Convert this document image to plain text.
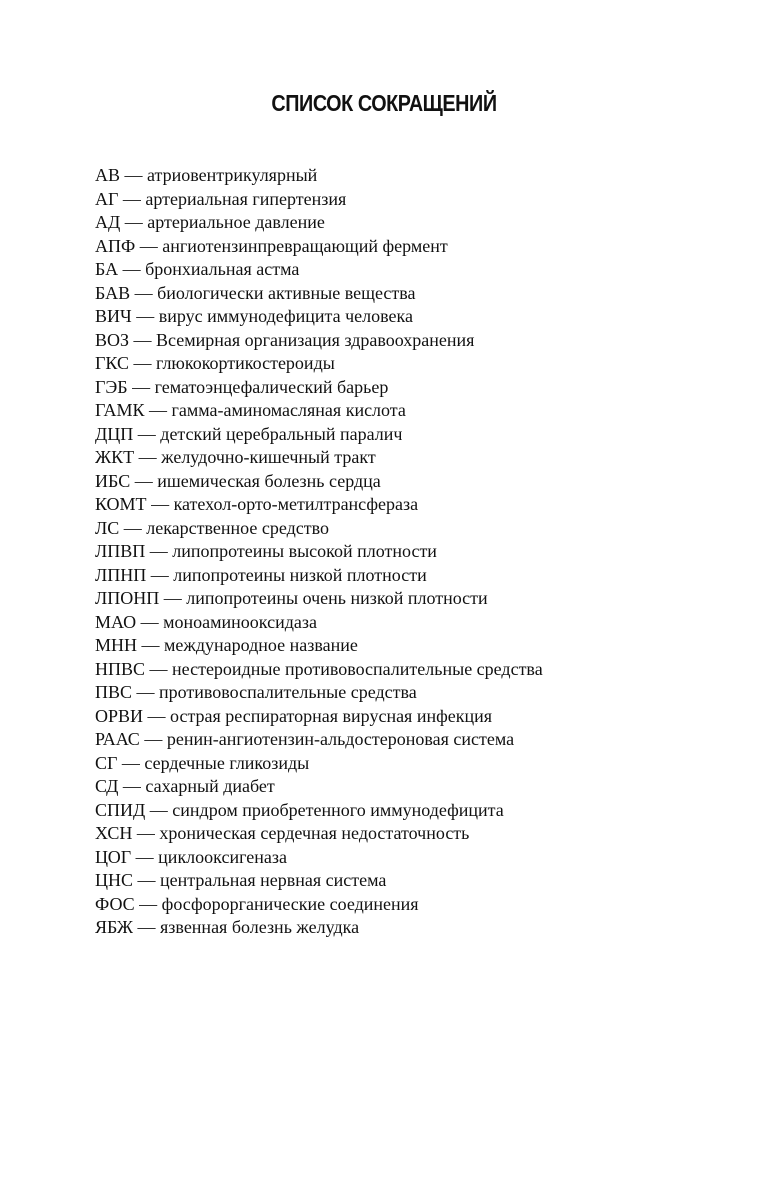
СПИСОК СОКРАЩЕНИЙ
АВ — атриовентрикулярный
АГ — артериальная гипертензия
АД — артериальное давление
АПФ — ангиотензинпревращающий фермент
БА — бронхиальная астма
БАВ — биологически активные вещества
ВИЧ — вирус иммунодефицита человека
ВОЗ — Всемирная организация здравоохранения
ГКС — глюкокортикостероиды
ГЭБ — гематоэнцефалический барьер
ГАМК — гамма-аминомасляная кислота
ДЦП — детский церебральный паралич
ЖКТ — желудочно-кишечный тракт
ИБС — ишемическая болезнь сердца
КОМТ — катехол-орто-метилтрансфераза
ЛС — лекарственное средство
ЛПВП — липопротеины высокой плотности
ЛПНП — липопротеины низкой плотности
ЛПОНП — липопротеины очень низкой плотности
МАО — моноаминооксидаза
МНН — международное название
НПВС — нестероидные противовоспалительные средства
ПВС — противовоспалительные средства
ОРВИ — острая респираторная вирусная инфекция
РААС — ренин-ангиотензин-альдостероновая система
СГ — сердечные гликозиды
СД — сахарный диабет
СПИД — синдром приобретенного иммунодефицита
ХСН — хроническая сердечная недостаточность
ЦОГ — циклооксигеназа
ЦНС — центральная нервная система
ФОС — фосфорорганические соединения
ЯБЖ — язвенная болезнь желудка
